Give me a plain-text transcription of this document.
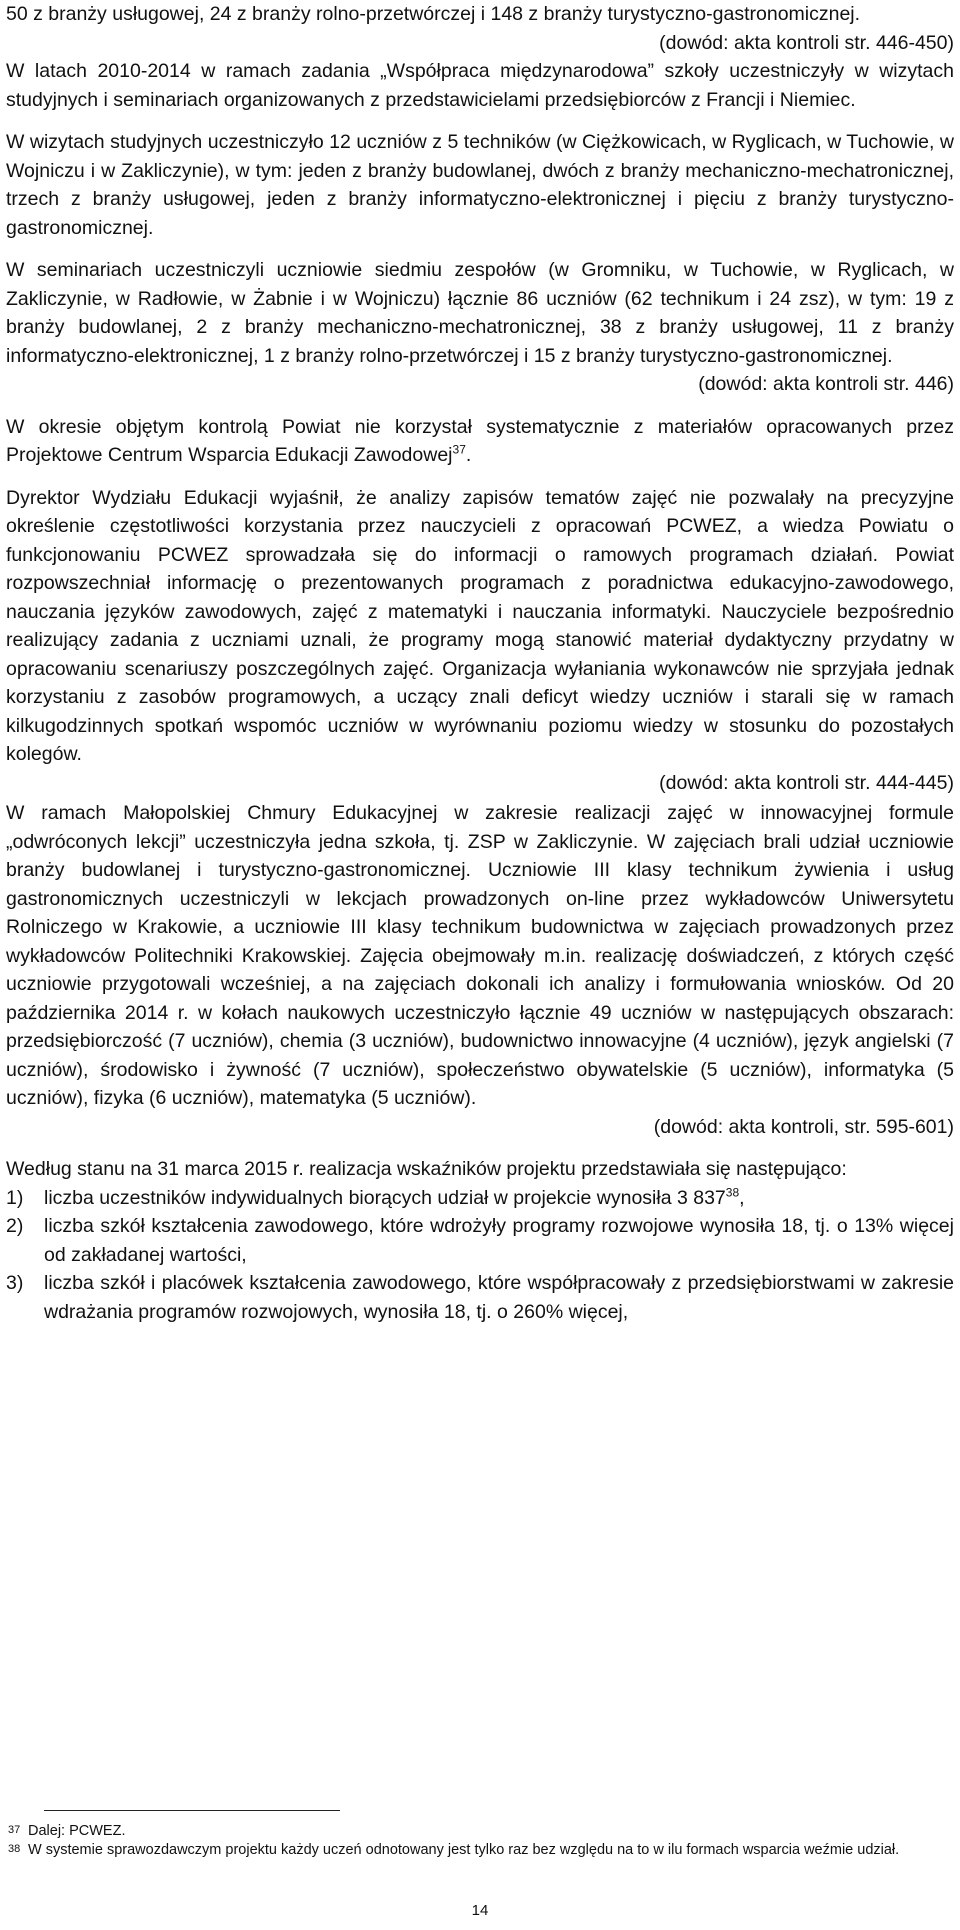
50 z branży usługowej, 24 z branży rolno-przetwórczej i 148 z branży turystyczno-gastronomicznej.

(dowód: akta kontroli str. 446-450)

W latach 2010-2014 w ramach zadania „Współpraca międzynarodowa” szkoły uczestniczyły w wizytach studyjnych i seminariach organizowanych z przedstawicielami przedsiębiorców z Francji i Niemiec.

W wizytach studyjnych uczestniczyło 12 uczniów z 5 techników (w Ciężkowicach, w Ryglicach, w Tuchowie, w Wojniczu i w Zakliczynie), w tym: jeden z branży budowlanej, dwóch z branży mechaniczno-mechatronicznej, trzech z branży usługowej, jeden z branży informatyczno-elektronicznej i pięciu z branży turystyczno-gastronomicznej.

W seminariach uczestniczyli uczniowie siedmiu zespołów (w Gromniku, w Tuchowie, w Ryglicach, w Zakliczynie, w Radłowie, w Żabnie i w Wojniczu) łącznie 86 uczniów (62 technikum i 24 zsz), w tym: 19 z branży budowlanej, 2 z branży mechaniczno-mechatronicznej, 38 z branży usługowej, 11 z branży informatyczno-elektronicznej, 1 z branży rolno-przetwórczej i 15 z branży turystyczno-gastronomicznej.

(dowód: akta kontroli str. 446)

W okresie objętym kontrolą Powiat nie korzystał systematycznie z materiałów opracowanych przez Projektowe Centrum Wsparcia Edukacji Zawodowej$^{37}$.

Dyrektor Wydziału Edukacji wyjaśnił, że analizy zapisów tematów zajęć nie pozwalały na precyzyjne określenie częstotliwości korzystania przez nauczycieli z opracowań PCWEZ, a wiedza Powiatu o funkcjonowaniu PCWEZ sprowadzała się do informacji o ramowych programach działań. Powiat rozpowszechniał informację o prezentowanych programach z poradnictwa edukacyjno-zawodowego, nauczania języków zawodowych, zajęć z matematyki i nauczania informatyki. Nauczyciele bezpośrednio realizujący zadania z uczniami uznali, że programy mogą stanowić materiał dydaktyczny przydatny w opracowaniu scenariuszy poszczególnych zajęć. Organizacja wyłaniania wykonawców nie sprzyjała jednak korzystaniu z zasobów programowych, a uczący znali deficyt wiedzy uczniów i starali się w ramach kilkugodzinnych spotkań wspomóc uczniów w wyrównaniu poziomu wiedzy w stosunku do pozostałych kolegów.

(dowód: akta kontroli str. 444-445)

W ramach Małopolskiej Chmury Edukacyjnej w zakresie realizacji zajęć w innowacyjnej formule „odwróconych lekcji” uczestniczyła jedna szkoła, tj. ZSP w Zakliczynie. W zajęciach brali udział uczniowie branży budowlanej i turystyczno-gastronomicznej. Uczniowie III klasy technikum żywienia i usług gastronomicznych uczestniczyli w lekcjach prowadzonych on-line przez wykładowców Uniwersytetu Rolniczego w Krakowie, a uczniowie III klasy technikum budownictwa w zajęciach prowadzonych przez wykładowców Politechniki Krakowskiej. Zajęcia obejmowały m.in. realizację doświadczeń, z których część uczniowie przygotowali wcześniej, a na zajęciach dokonali ich analizy i formułowania wniosków. Od 20 października 2014 r. w kołach naukowych uczestniczyło łącznie 49 uczniów w następujących obszarach: przedsiębiorczość (7 uczniów), chemia (3 uczniów), budownictwo innowacyjne (4 uczniów), język angielski (7 uczniów), środowisko i żywność (7 uczniów), społeczeństwo obywatelskie (5 uczniów), informatyka (5 uczniów), fizyka (6 uczniów), matematyka (5 uczniów).

(dowód: akta kontroli, str. 595-601)

Według stanu na 31 marca 2015 r. realizacja wskaźników projektu przedstawiała się następująco:

1)	liczba uczestników indywidualnych biorących udział w projekcie wynosiła 3 $837^{38}$,
2)	liczba szkół kształcenia zawodowego, które wdrożyły programy rozwojowe wynosiła 18, tj. o 13% więcej od zakładanej wartości,
3)	liczba szkół i placówek kształcenia zawodowego, które współpracowały z przedsiębiorstwami w zakresie wdrażania programów rozwojowych, wynosiła 18, tj. o 260% więcej,
37 Dalej: PCWEZ.
38 W systemie sprawozdawczym projektu każdy uczeń odnotowany jest tylko raz bez względu na to w ilu formach wsparcia weźmie udział.
14
